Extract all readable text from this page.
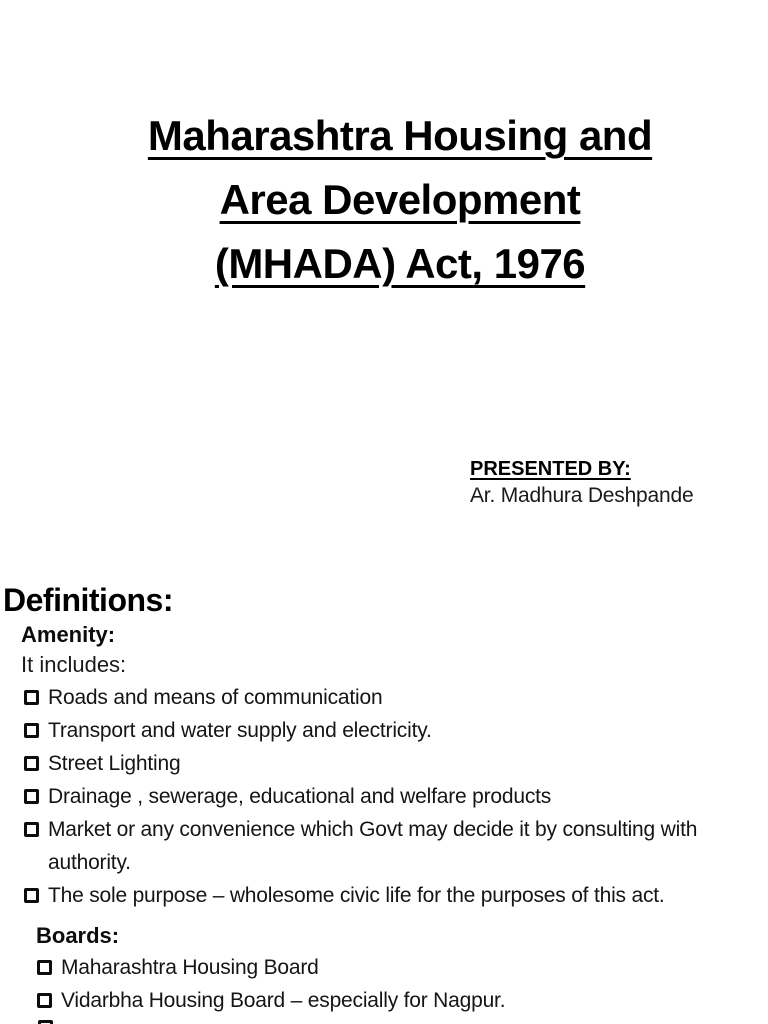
Maharashtra Housing and
Area Development
(MHADA) Act, 1976
PRESENTED BY:
Ar. Madhura Deshpande
Definitions:
Amenity:
It includes:
Roads and means of communication
Transport and water supply and electricity.
Street Lighting
Drainage , sewerage, educational and welfare products
Market or any convenience which Govt may decide it by consulting with authority.
The sole purpose – wholesome civic life for the purposes of this act.
Boards:
Maharashtra Housing Board
Vidarbha Housing Board – especially for Nagpur.
